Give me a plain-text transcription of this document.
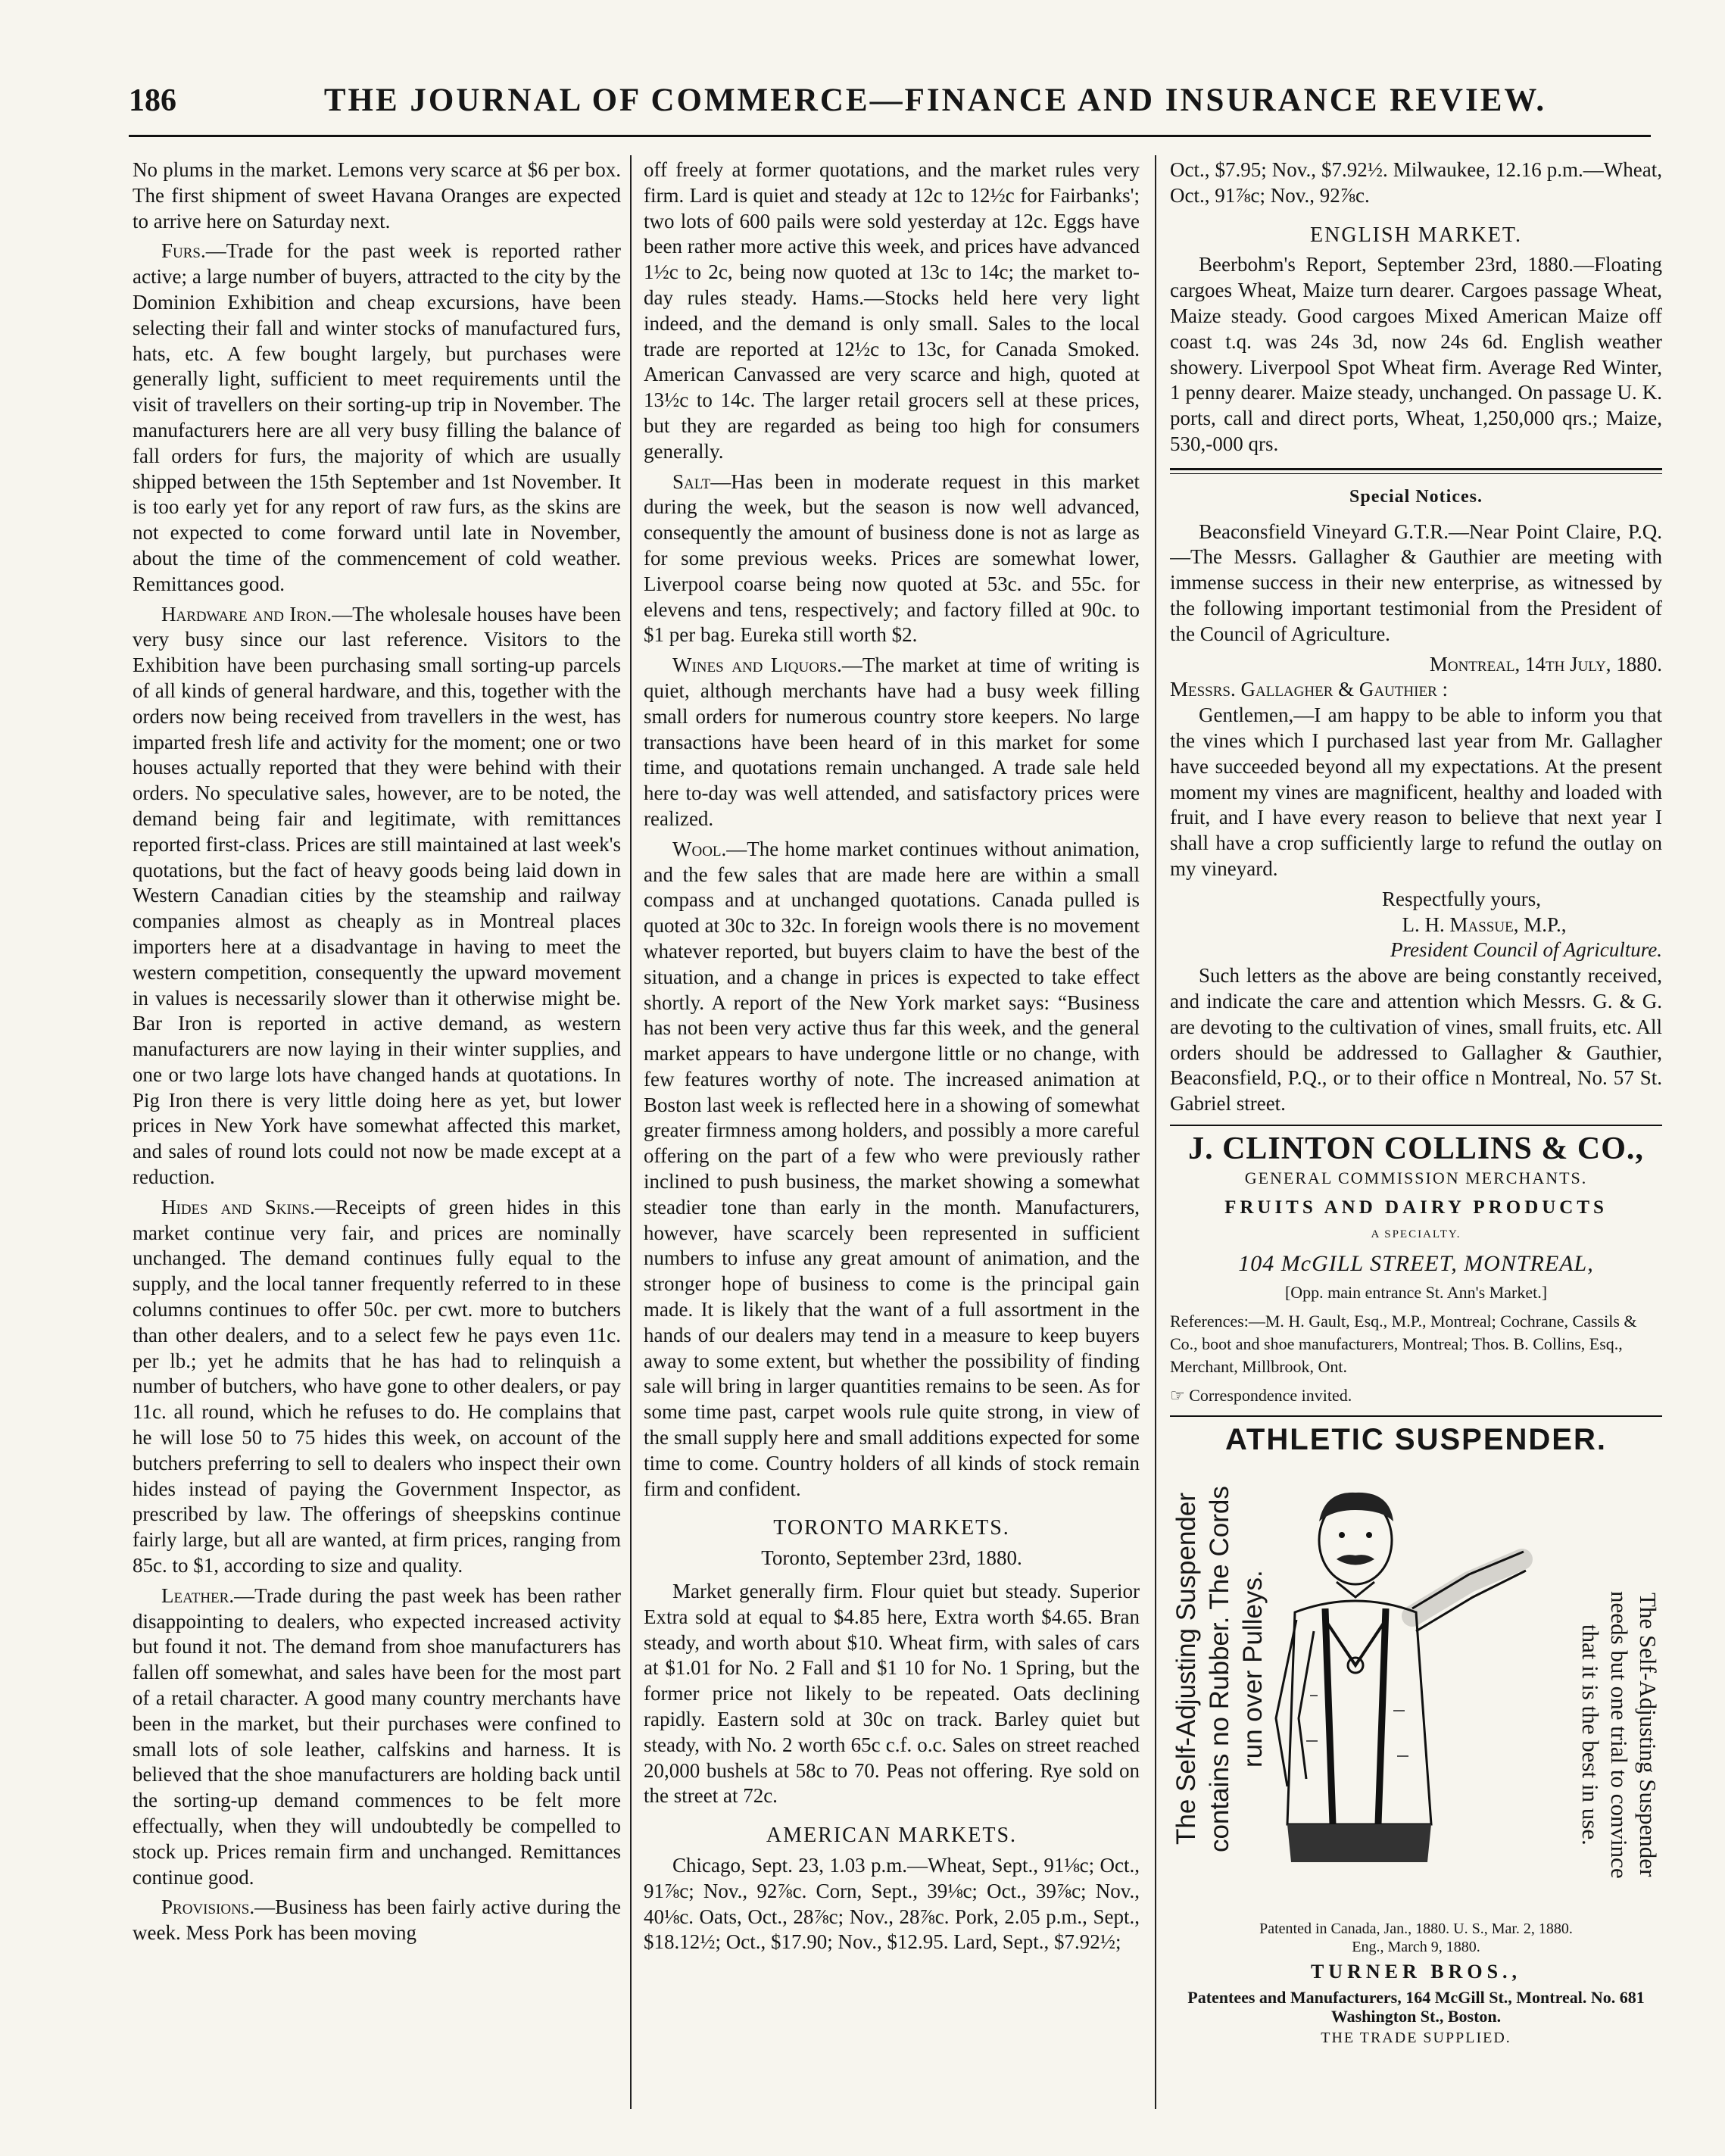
186	THE JOURNAL OF COMMERCE—FINANCE AND INSURANCE REVIEW.

No plums in the market. Lemons very scarce at $6 per box. The first shipment of sweet Havana Oranges are expected to arrive here on Saturday next.

Furs.—Trade for the past week is reported rather active; a large number of buyers, attracted to the city by the Dominion Exhibition and cheap excursions, have been selecting their fall and winter stocks of manufactured furs, hats, etc. A few bought largely, but purchases were generally light, sufficient to meet requirements until the visit of travellers on their sorting-up trip in November. The manufacturers here are all very busy filling the balance of fall orders for furs, the majority of which are usually shipped between the 15th September and 1st November. It is too early yet for any report of raw furs, as the skins are not expected to come forward until late in November, about the time of the commencement of cold weather. Remittances good.

Hardware and Iron.—The wholesale houses have been very busy since our last reference. Visitors to the Exhibition have been purchasing small sorting-up parcels of all kinds of general hardware, and this, together with the orders now being received from travellers in the west, has imparted fresh life and activity for the moment; one or two houses actually reported that they were behind with their orders. No speculative sales, however, are to be noted, the demand being fair and legitimate, with remittances reported first-class. Prices are still maintained at last week's quotations, but the fact of heavy goods being laid down in Western Canadian cities by the steamship and railway companies almost as cheaply as in Montreal places importers here at a disadvantage in having to meet the western competition, consequently the upward movement in values is necessarily slower than it otherwise might be. Bar Iron is reported in active demand, as western manufacturers are now laying in their winter supplies, and one or two large lots have changed hands at quotations. In Pig Iron there is very little doing here as yet, but lower prices in New York have somewhat affected this market, and sales of round lots could not now be made except at a reduction.

Hides and Skins.—Receipts of green hides in this market continue very fair, and prices are nominally unchanged. The demand continues fully equal to the supply, and the local tanner frequently referred to in these columns continues to offer 50c. per cwt. more to butchers than other dealers, and to a select few he pays even 11c. per lb.; yet he admits that he has had to relinquish a number of butchers, who have gone to other dealers, or pay 11c. all round, which he refuses to do. He complains that he will lose 50 to 75 hides this week, on account of the butchers preferring to sell to dealers who inspect their own hides instead of paying the Government Inspector, as prescribed by law. The offerings of sheepskins continue fairly large, but all are wanted, at firm prices, ranging from 85c. to $1, according to size and quality.

Leather.—Trade during the past week has been rather disappointing to dealers, who expected increased activity but found it not. The demand from shoe manufacturers has fallen off somewhat, and sales have been for the most part of a retail character. A good many country merchants have been in the market, but their purchases were confined to small lots of sole leather, calfskins and harness. It is believed that the shoe manufacturers are holding back until the sorting-up demand commences to be felt more effectually, when they will undoubtedly be compelled to stock up. Prices remain firm and unchanged. Remittances continue good.

Provisions.—Business has been fairly active during the week. Mess Pork has been moving

off freely at former quotations, and the market rules very firm. Lard is quiet and steady at 12c to 12½c for Fairbanks'; two lots of 600 pails were sold yesterday at 12c. Eggs have been rather more active this week, and prices have advanced 1½c to 2c, being now quoted at 13c to 14c; the market to-day rules steady. Hams.—Stocks held here very light indeed, and the demand is only small. Sales to the local trade are reported at 12½c to 13c, for Canada Smoked. American Canvassed are very scarce and high, quoted at 13½c to 14c. The larger retail grocers sell at these prices, but they are regarded as being too high for consumers generally.

Salt—Has been in moderate request in this market during the week, but the season is now well advanced, consequently the amount of business done is not as large as for some previous weeks. Prices are somewhat lower, Liverpool coarse being now quoted at 53c. and 55c. for elevens and tens, respectively; and factory filled at 90c. to $1 per bag. Eureka still worth $2.

Wines and Liquors.—The market at time of writing is quiet, although merchants have had a busy week filling small orders for numerous country store keepers. No large transactions have been heard of in this market for some time, and quotations remain unchanged. A trade sale held here to-day was well attended, and satisfactory prices were realized.

Wool.—The home market continues without animation, and the few sales that are made here are within a small compass and at unchanged quotations. Canada pulled is quoted at 30c to 32c. In foreign wools there is no movement whatever reported, but buyers claim to have the best of the situation, and a change in prices is expected to take effect shortly. A report of the New York market says: “Business has not been very active thus far this week, and the general market appears to have undergone little or no change, with few features worthy of note. The increased animation at Boston last week is reflected here in a showing of somewhat greater firmness among holders, and possibly a more careful offering on the part of a few who were previously rather inclined to push business, the market showing a somewhat steadier tone than early in the month. Manufacturers, however, have scarcely been represented in sufficient numbers to infuse any great amount of animation, and the stronger hope of business to come is the principal gain made. It is likely that the want of a full assortment in the hands of our dealers may tend in a measure to keep buyers away to some extent, but whether the possibility of finding sale will bring in larger quantities remains to be seen. As for some time past, carpet wools rule quite strong, in view of the small supply here and small additions expected for some time to come. Country holders of all kinds of stock remain firm and confident.

TORONTO MARKETS.
Toronto, September 23rd, 1880.

Market generally firm. Flour quiet but steady. Superior Extra sold at equal to $4.85 here, Extra worth $4.65. Bran steady, and worth about $10. Wheat firm, with sales of cars at $1.01 for No. 2 Fall and $1 10 for No. 1 Spring, but the former price not likely to be repeated. Oats declining rapidly. Eastern sold at 30c on track. Barley quiet but steady, with No. 2 worth 65c c.f. o.c. Sales on street reached 20,000 bushels at 58c to 70. Peas not offering. Rye sold on the street at 72c.

AMERICAN MARKETS.

Chicago, Sept. 23, 1.03 p.m.—Wheat, Sept., 91⅛c; Oct., 91⅞c; Nov., 92⅞c. Corn, Sept., 39⅛c; Oct., 39⅞c; Nov., 40⅛c. Oats, Oct., 28⅞c; Nov., 28⅞c. Pork, 2.05 p.m., Sept., $18.12½; Oct., $17.90; Nov., $12.95. Lard, Sept., $7.92½;

Oct., $7.95; Nov., $7.92½. Milwaukee, 12.16 p.m.—Wheat, Oct., 91⅞c; Nov., 92⅞c.

ENGLISH MARKET.

Beerbohm's Report, September 23rd, 1880.—Floating cargoes Wheat, Maize turn dearer. Cargoes passage Wheat, Maize steady. Good cargoes Mixed American Maize off coast t.q. was 24s 3d, now 24s 6d. English weather showery. Liverpool Spot Wheat firm. Average Red Winter, 1 penny dearer. Maize steady, unchanged. On passage U. K. ports, call and direct ports, Wheat, 1,250,000 qrs.; Maize, 530,-000 qrs.

Special Notices.

Beaconsfield Vineyard G.T.R.—Near Point Claire, P.Q.—The Messrs. Gallagher & Gauthier are meeting with immense success in their new enterprise, as witnessed by the following important testimonial from the President of the Council of Agriculture.

Montreal, 14th July, 1880.
Messrs. Gallagher & Gauthier :

Gentlemen,—I am happy to be able to inform you that the vines which I purchased last year from Mr. Gallagher have succeeded beyond all my expectations. At the present moment my vines are magnificent, healthy and loaded with fruit, and I have every reason to believe that next year I shall have a crop sufficiently large to refund the outlay on my vineyard.

Respectfully yours,
L. H. Massue, M.P.,
President Council of Agriculture.

Such letters as the above are being constantly received, and indicate the care and attention which Messrs. G. & G. are devoting to the cultivation of vines, small fruits, etc. All orders should be addressed to Gallagher & Gauthier, Beaconsfield, P.Q., or to their office n Montreal, No. 57 St. Gabriel street.

J. CLINTON COLLINS & CO.,
GENERAL COMMISSION MERCHANTS.
FRUITS AND DAIRY PRODUCTS
A SPECIALTY.
104 McGILL STREET, MONTREAL,
[Opp. main entrance St. Ann's Market.]
References:—M. H. Gault, Esq., M.P., Montreal; Cochrane, Cassils & Co., boot and shoe manufacturers, Montreal; Thos. B. Collins, Esq., Merchant, Millbrook, Ont.
☞ Correspondence invited.
ATHLETIC SUSPENDER.
The Self-Adjusting Suspender contains no Rubber. The Cords run over Pulleys.	The Self-Adjusting Suspender needs but one trial to convince that it is the best in use.
Patented in Canada, Jan., 1880. U. S., Mar. 2, 1880.
Eng., March 9, 1880.
TURNER BROS.,
Patentees and Manufacturers, 164 McGill St., Montreal. No. 681 Washington St., Boston.
THE TRADE SUPPLIED.
